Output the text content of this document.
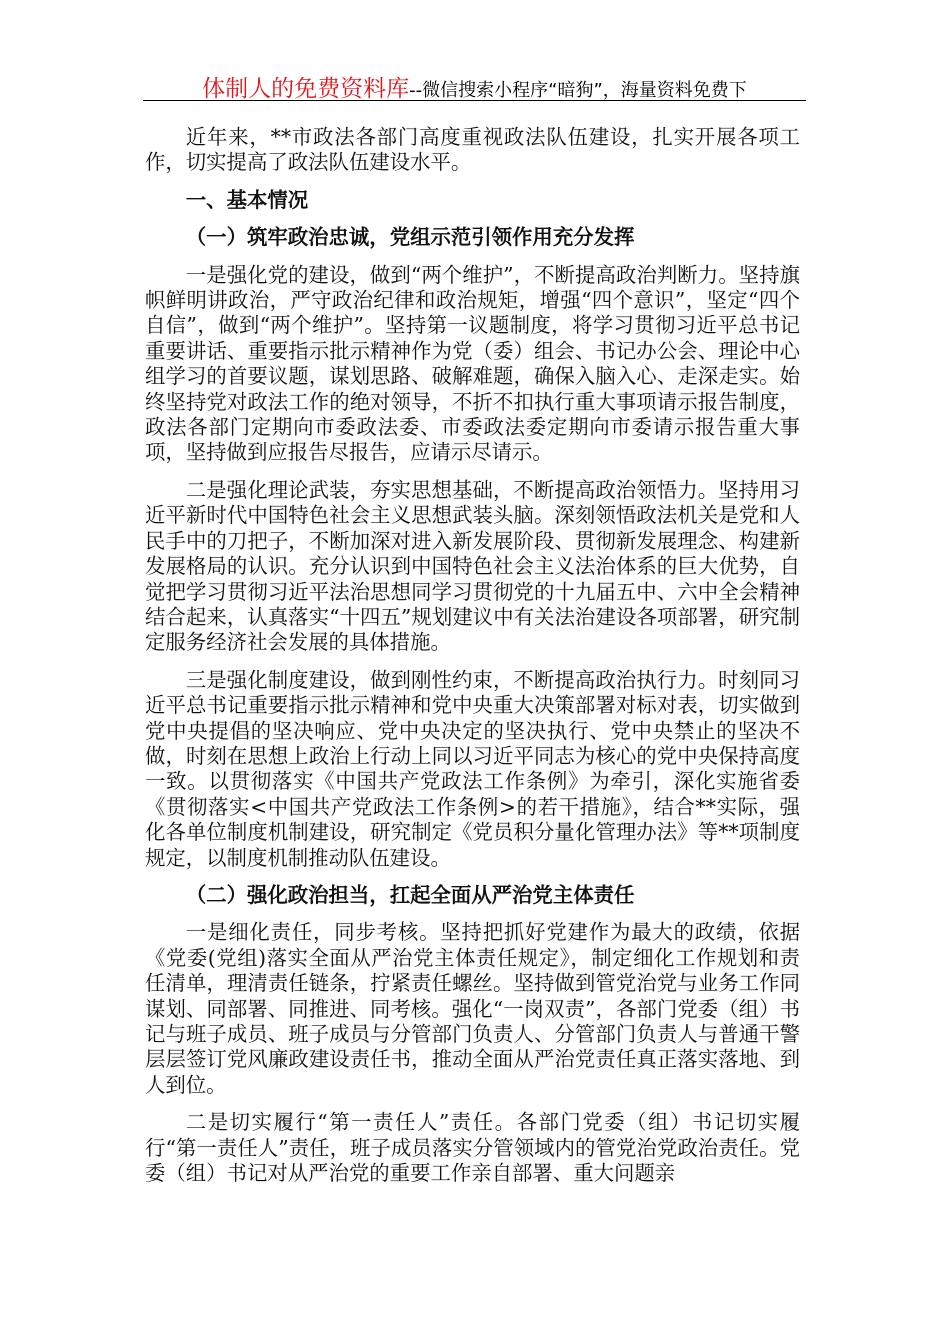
体制人的免费资料库--微信搜索小程序“暗狗”，海量资料免费下

近年来，**市政法各部门高度重视政法队伍建设，扎实开展各项工作，切实提高了政法队伍建设水平。

一、基本情况

（一）筑牢政治忠诚，党组示范引领作用充分发挥

一是强化党的建设，做到“两个维护”，不断提高政治判断力。坚持旗帜鲜明讲政治，严守政治纪律和政治规矩，增强“四个意识”，坚定“四个自信”，做到“两个维护”。坚持第一议题制度，将学习贯彻习近平总书记重要讲话、重要指示批示精神作为党（委）组会、书记办公会、理论中心组学习的首要议题，谋划思路、破解难题，确保入脑入心、走深走实。始终坚持党对政法工作的绝对领导，不折不扣执行重大事项请示报告制度，政法各部门定期向市委政法委、市委政法委定期向市委请示报告重大事项，坚持做到应报告尽报告，应请示尽请示。

二是强化理论武装，夯实思想基础，不断提高政治领悟力。坚持用习近平新时代中国特色社会主义思想武装头脑。深刻领悟政法机关是党和人民手中的刀把子，不断加深对进入新发展阶段、贯彻新发展理念、构建新发展格局的认识。充分认识到中国特色社会主义法治体系的巨大优势，自觉把学习贯彻习近平法治思想同学习贯彻党的十九届五中、六中全会精神结合起来，认真落实“十四五”规划建议中有关法治建设各项部署，研究制定服务经济社会发展的具体措施。

三是强化制度建设，做到刚性约束，不断提高政治执行力。时刻同习近平总书记重要指示批示精神和党中央重大决策部署对标对表，切实做到党中央提倡的坚决响应、党中央决定的坚决执行、党中央禁止的坚决不做，时刻在思想上政治上行动上同以习近平同志为核心的党中央保持高度一致。以贯彻落实《中国共产党政法工作条例》为牵引，深化实施省委《贯彻落实<中国共产党政法工作条例>的若干措施》，结合**实际，强化各单位制度机制建设，研究制定《党员积分量化管理办法》等**项制度规定，以制度机制推动队伍建设。

（二）强化政治担当，扛起全面从严治党主体责任

一是细化责任，同步考核。坚持把抓好党建作为最大的政绩，依据《党委(党组)落实全面从严治党主体责任规定》，制定细化工作规划和责任清单，理清责任链条，拧紧责任螺丝。坚持做到管党治党与业务工作同谋划、同部署、同推进、同考核。强化“一岗双责”，各部门党委（组）书记与班子成员、班子成员与分管部门负责人、分管部门负责人与普通干警层层签订党风廉政建设责任书，推动全面从严治党责任真正落实落地、到人到位。

二是切实履行“第一责任人”责任。各部门党委（组）书记切实履行“第一责任人”责任，班子成员落实分管领域内的管党治党政治责任。党委（组）书记对从严治党的重要工作亲自部署、重大问题亲
